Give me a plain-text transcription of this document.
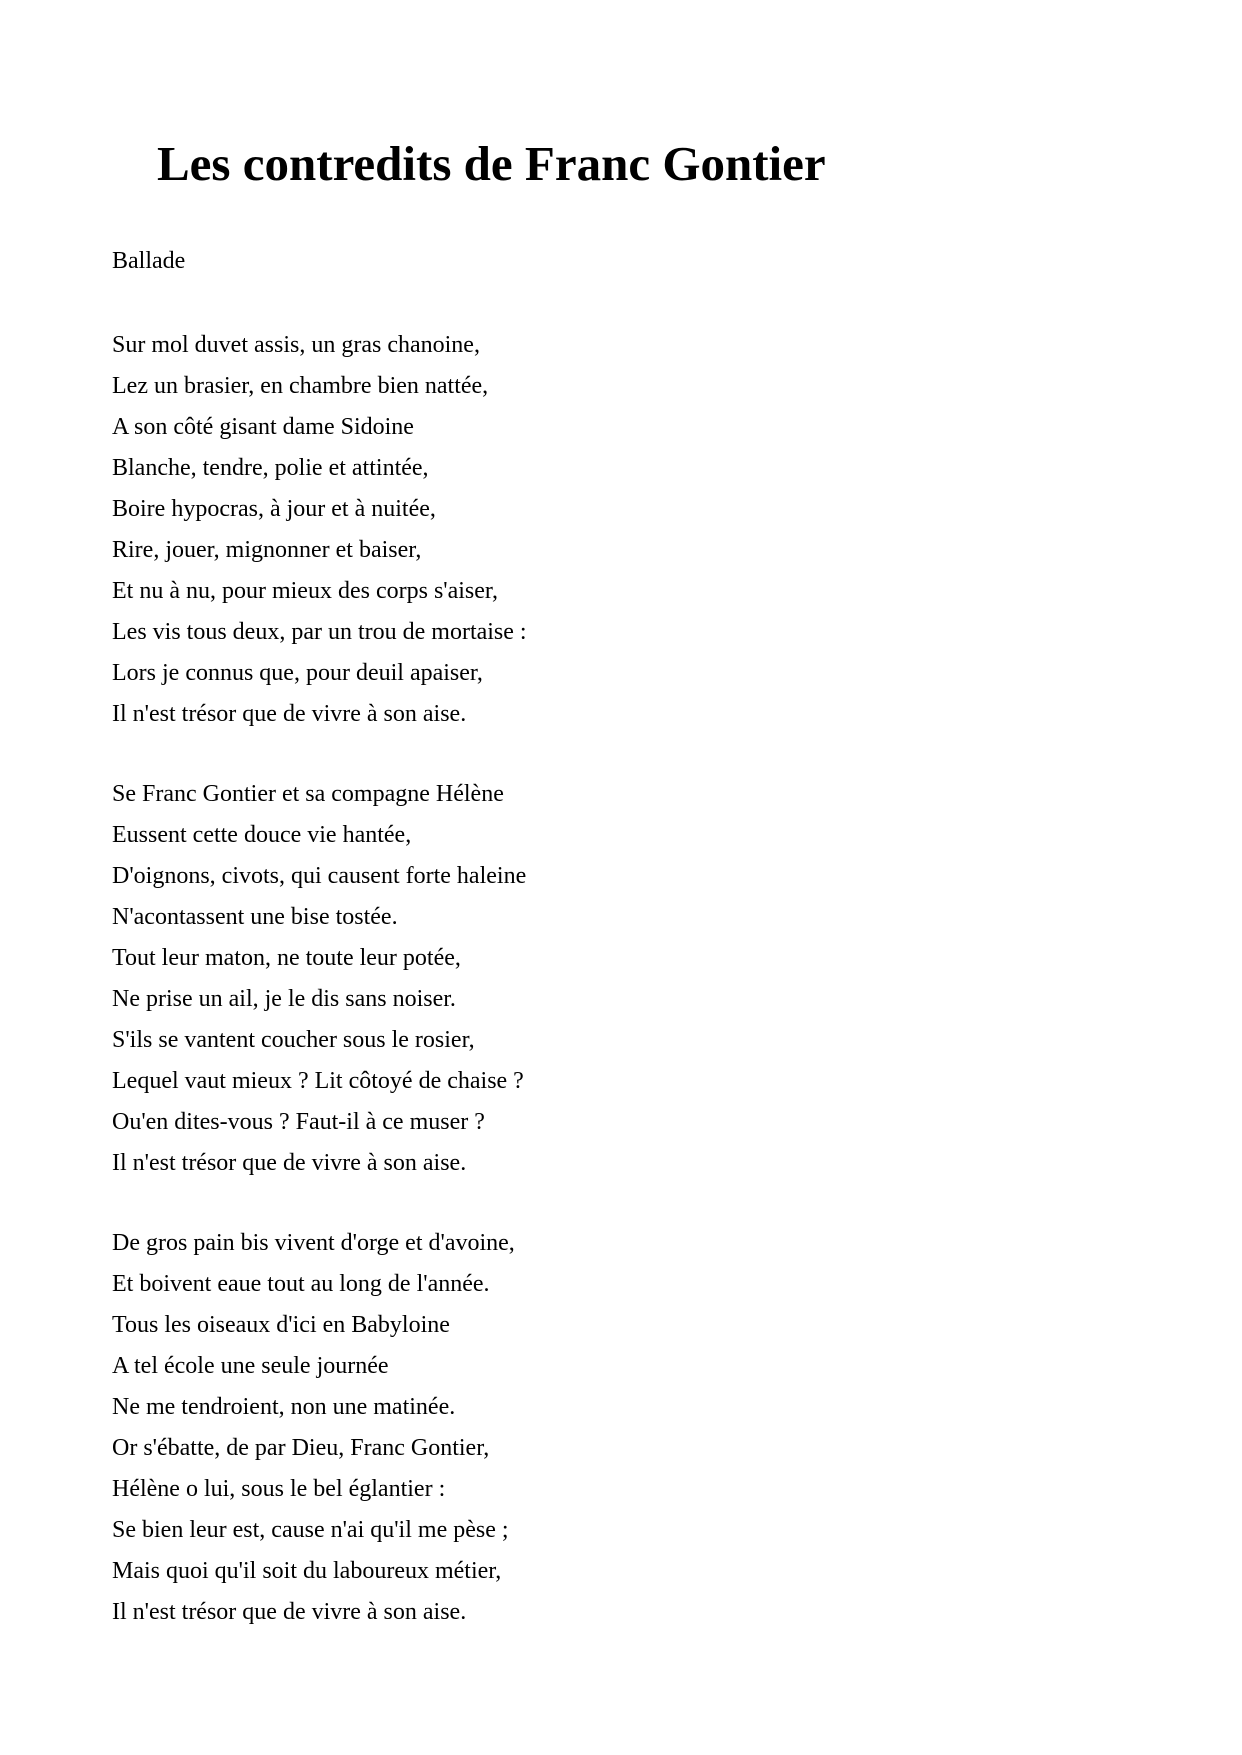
Les contredits de Franc Gontier

Ballade

Sur mol duvet assis, un gras chanoine,
Lez un brasier, en chambre bien nattée,
A son côté gisant dame Sidoine
Blanche, tendre, polie et attintée,
Boire hypocras, à jour et à nuitée,
Rire, jouer, mignonner et baiser,
Et nu à nu, pour mieux des corps s'aiser,
Les vis tous deux, par un trou de mortaise :
Lors je connus que, pour deuil apaiser,
Il n'est trésor que de vivre à son aise.
Se Franc Gontier et sa compagne Hélène
Eussent cette douce vie hantée,
D'oignons, civots, qui causent forte haleine
N'acontassent une bise tostée.
Tout leur maton, ne toute leur potée,
Ne prise un ail, je le dis sans noiser.
S'ils se vantent coucher sous le rosier,
Lequel vaut mieux ? Lit côtoyé de chaise ?
Ou'en dites-vous ? Faut-il à ce muser ?
Il n'est trésor que de vivre à son aise.
De gros pain bis vivent d'orge et d'avoine,
Et boivent eaue tout au long de l'année.
Tous les oiseaux d'ici en Babyloine
A tel école une seule journée
Ne me tendroient, non une matinée.
Or s'ébatte, de par Dieu, Franc Gontier,
Hélène o lui, sous le bel églantier :
Se bien leur est, cause n'ai qu'il me pèse ;
Mais quoi qu'il soit du laboureux métier,
Il n'est trésor que de vivre à son aise.
